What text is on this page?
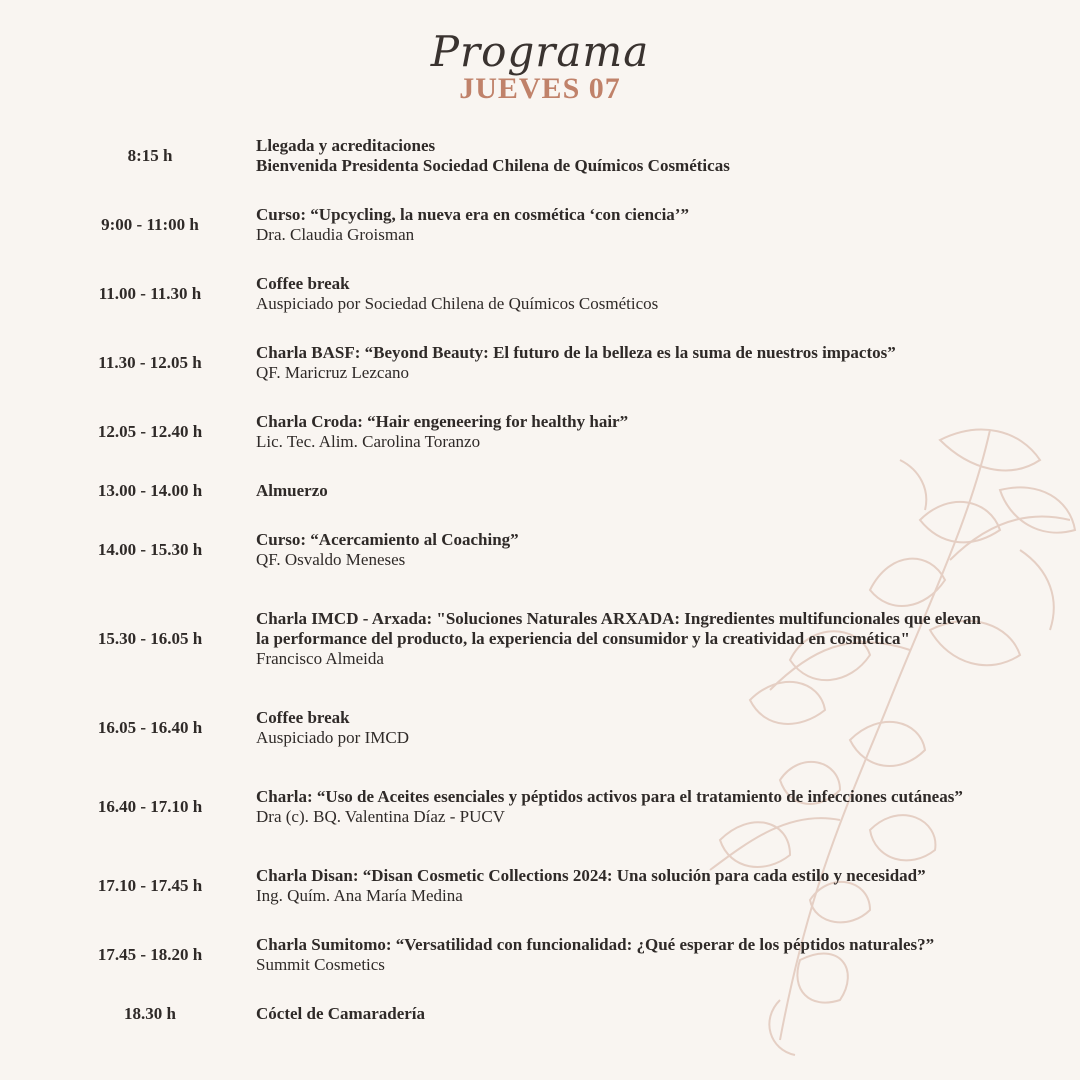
Programa
JUEVES 07
8:15 h
Llegada y acreditaciones
Bienvenida Presidenta Sociedad Chilena de Químicos Cosméticas
9:00 - 11:00 h
Curso: “Upcycling, la nueva era en cosmética ‘con ciencia’”
Dra. Claudia Groisman
11.00 - 11.30 h
Coffee break
Auspiciado por Sociedad Chilena de Químicos Cosméticos
11.30 - 12.05 h
Charla BASF: “Beyond Beauty: El futuro de la belleza es la suma de nuestros impactos”
QF. Maricruz Lezcano
12.05 - 12.40 h
Charla Croda: “Hair engeneering for healthy hair”
Lic. Tec. Alim. Carolina Toranzo
13.00 - 14.00 h	Almuerzo
14.00 - 15.30 h
Curso: “Acercamiento al Coaching”
QF. Osvaldo Meneses
15.30 - 16.05 h
Charla IMCD - Arxada: "Soluciones Naturales ARXADA: Ingredientes multifuncionales que elevan la performance del producto, la experiencia del consumidor y la creatividad en cosmética"
Francisco Almeida
16.05 - 16.40 h
Coffee break
Auspiciado por IMCD
16.40 - 17.10 h
Charla: “Uso de Aceites esenciales y péptidos activos para el tratamiento de infecciones cutáneas”
Dra (c). BQ. Valentina Díaz - PUCV
17.10 - 17.45 h
Charla Disan: “Disan Cosmetic Collections 2024: Una solución para cada estilo y necesidad”
Ing. Quím. Ana María Medina
17.45 - 18.20 h
Charla Sumitomo: “Versatilidad con funcionalidad: ¿Qué esperar de los péptidos naturales?”
Summit Cosmetics
18.30 h	Cóctel de Camaradería
